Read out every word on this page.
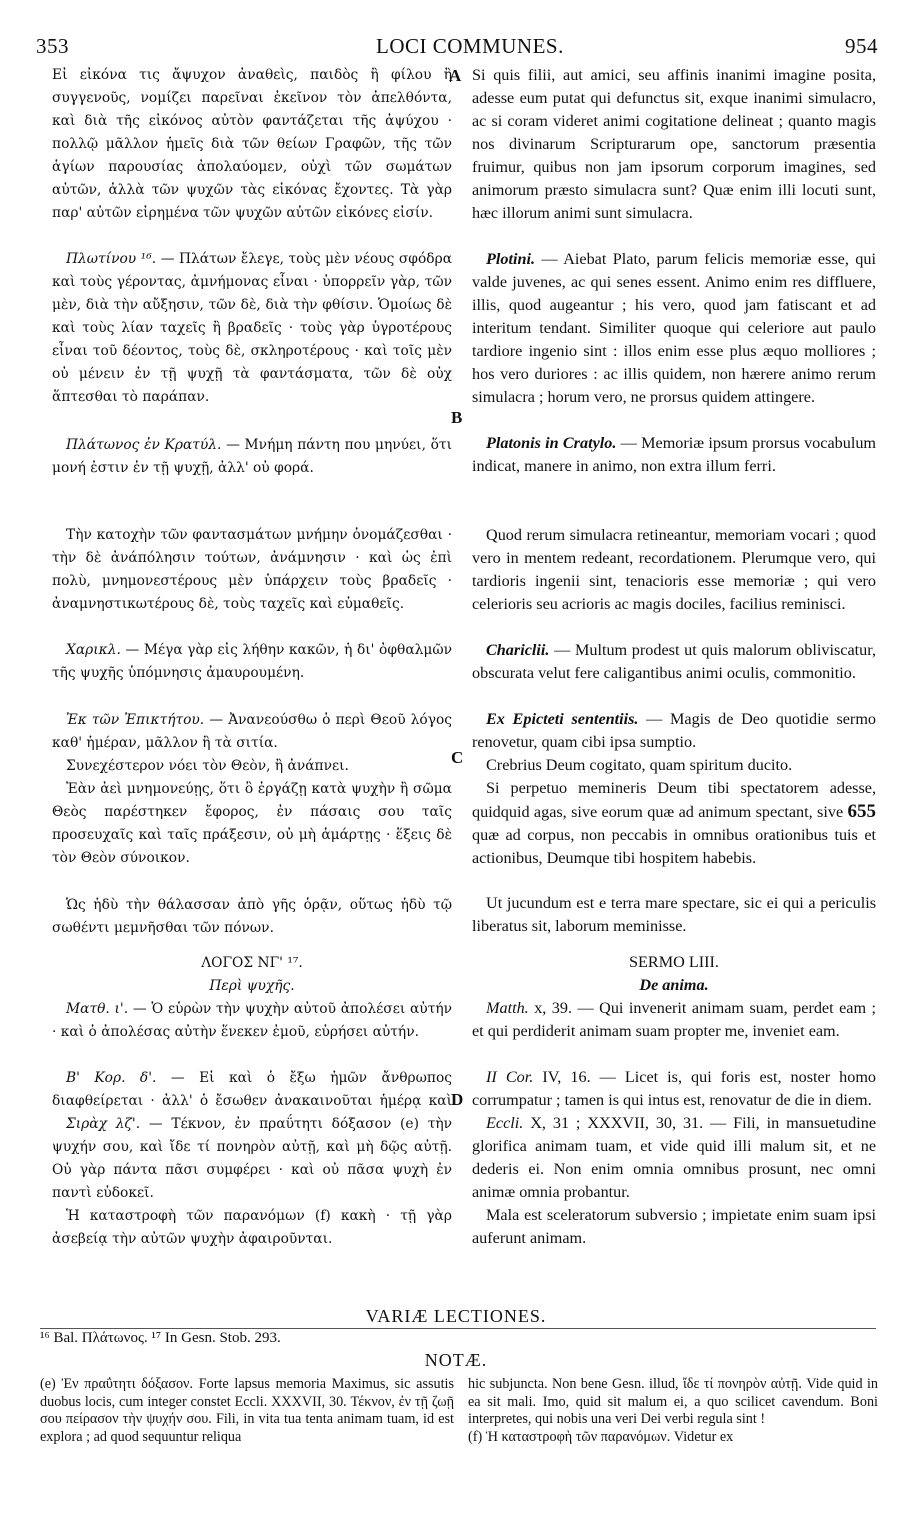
353	LOCI COMMUNES.	954
A
B
C
D
Εἰ εἰκόνα τις ἄψυχον ἀναθεὶς, παιδὸς ἢ φίλου ἢ συγγενοῦς, νομίζει παρεῖναι ἐκεῖνον τὸν ἀπελθόντα, καὶ διὰ τῆς εἰκόνος αὐτὸν φαντάζεται τῆς ἀψύχου · πολλῷ μᾶλλον ἡμεῖς διὰ τῶν θείων Γραφῶν, τῆς τῶν ἁγίων παρουσίας ἀπολαύομεν, οὐχὶ τῶν σωμάτων αὐτῶν, ἀλλὰ τῶν ψυχῶν τὰς εἰκόνας ἔχοντες. Τὰ γὰρ παρ' αὐτῶν εἰρημένα τῶν ψυχῶν αὐτῶν εἰκόνες εἰσίν.
Πλωτίνου ¹⁶. — Πλάτων ἔλεγε, τοὺς μὲν νέους σφόδρα καὶ τοὺς γέροντας, ἀμνήμονας εἶναι · ὑπορρεῖν γὰρ, τῶν μὲν, διὰ τὴν αὔξησιν, τῶν δὲ, διὰ τὴν φθίσιν. Ὁμοίως δὲ καὶ τοὺς λίαν ταχεῖς ἢ βραδεῖς · τοὺς γὰρ ὑγροτέρους εἶναι τοῦ δέοντος, τοὺς δὲ, σκληροτέρους · καὶ τοῖς μὲν οὐ μένειν ἐν τῇ ψυχῇ τὰ φαντάσματα, τῶν δὲ οὐχ ἅπτεσθαι τὸ παράπαν.
Πλάτωνος ἐν Κρατύλ. — Μνήμη πάντη που μηνύει, ὅτι μονή ἐστιν ἐν τῇ ψυχῇ, ἀλλ' οὐ φορά.
Τὴν κατοχὴν τῶν φαντασμάτων μνήμην ὀνομάζεσθαι · τὴν δὲ ἀνάπόλησιν τούτων, ἀνάμνησιν · καὶ ὡς ἐπὶ πολὺ, μνημονεστέρους μὲν ὑπάρχειν τοὺς βραδεῖς · ἀναμνηστικωτέρους δὲ, τοὺς ταχεῖς καὶ εὐμαθεῖς.
Χαρικλ. — Μέγα γὰρ εἰς λήθην κακῶν, ἡ δι' ὀφθαλμῶν τῆς ψυχῆς ὑπόμνησις ἀμαυρουμένη.
Ἐκ τῶν Ἐπικτήτου. — Ἀνανεούσθω ὁ περὶ Θεοῦ λόγος καθ' ἡμέραν, μᾶλλον ἢ τὰ σιτία.
Συνεχέστερον νόει τὸν Θεὸν, ἢ ἀνάπνει.
Ἐὰν ἀεὶ μνημονεύῃς, ὅτι ὃ ἐργάζῃ κατὰ ψυχὴν ἢ σῶμα Θεὸς παρέστηκεν ἔφορος, ἐν πάσαις σου ταῖς προσευχαῖς καὶ ταῖς πράξεσιν, οὐ μὴ ἁμάρτῃς · ἕξεις δὲ τὸν Θεὸν σύνοικον.
Ὡς ἡδὺ τὴν θάλασσαν ἀπὸ γῆς ὁρᾷν, οὕτως ἡδὺ τῷ σωθέντι μεμνῆσθαι τῶν πόνων.
ΛΟΓΟΣ ΝΓ' ¹⁷.
Περὶ ψυχῆς.
Ματθ. ι'. — Ὁ εὑρὼν τὴν ψυχὴν αὐτοῦ ἀπολέσει αὐτήν · καὶ ὁ ἀπολέσας αὐτὴν ἕνεκεν ἐμοῦ, εὑρήσει αὐτήν.
Β' Κορ. δ'. — Εἰ καὶ ὁ ἔξω ἡμῶν ἄνθρωπος διαφθείρεται · ἀλλ' ὁ ἔσωθεν ἀνακαινοῦται ἡμέρᾳ καὶ
Σιρὰχ λζ'. — Τέκνον, ἐν πραΰτητι δόξασον (e) τὴν ψυχήν σου, καὶ ἴδε τί πονηρὸν αὐτῇ, καὶ μὴ δῷς αὐτῇ. Οὐ γὰρ πάντα πᾶσι συμφέρει · καὶ οὐ πᾶσα ψυχὴ ἐν παντὶ εὐδοκεῖ.
Ἡ καταστροφὴ τῶν παρανόμων (f) κακὴ · τῇ γὰρ ἀσεβείᾳ τὴν αὐτῶν ψυχὴν ἀφαιροῦνται.
Si quis filii, aut amici, seu affinis inanimi imagine posita, adesse eum putat qui defunctus sit, exque inanimi simulacro, ac si coram videret animi cogitatione delineat ; quanto magis nos divinarum Scripturarum ope, sanctorum præsentia fruimur, quibus non jam ipsorum corporum imagines, sed animorum præsto simulacra sunt? Quæ enim illi locuti sunt, hæc illorum animi sunt simulacra.
Plotini. — Aiebat Plato, parum felicis memoriæ esse, qui valde juvenes, ac qui senes essent. Animo enim res diffluere, illis, quod augeantur ; his vero, quod jam fatiscant et ad interitum tendant. Similiter quoque qui celeriore aut paulo tardiore ingenio sint : illos enim esse plus æquo molliores ; hos vero duriores : ac illis quidem, non hærere animo rerum simulacra ; horum vero, ne prorsus quidem attingere.
Platonis in Cratylo. — Memoriæ ipsum prorsus vocabulum indicat, manere in animo, non extra illum ferri.
Quod rerum simulacra retineantur, memoriam vocari ; quod vero in mentem redeant, recordationem. Plerumque vero, qui tardioris ingenii sint, tenacioris esse memoriæ ; qui vero celerioris seu acrioris ac magis dociles, facilius reminisci.
Chariclii. — Multum prodest ut quis malorum obliviscatur, obscurata velut fere caligantibus animi oculis, commonitio.
Ex Epicteti sententiis. — Magis de Deo quotidie sermo renovetur, quam cibi ipsa sumptio.
Crebrius Deum cogitato, quam spiritum ducito.
Si perpetuo memineris Deum tibi spectatorem adesse, quidquid agas, sive eorum quæ ad animum spectant, sive 655 quæ ad corpus, non peccabis in omnibus orationibus tuis et actionibus, Deumque tibi hospitem habebis.
Ut jucundum est e terra mare spectare, sic ei qui a periculis liberatus sit, laborum meminisse.
SERMO LIII.
De anima.
Matth. x, 39. — Qui invenerit animam suam, perdet eam ; et qui perdiderit animam suam propter me, inveniet eam.
II Cor. IV, 16. — Licet is, qui foris est, noster homo corrumpatur ; tamen is qui intus est, renovatur de die in diem.
Eccli. X, 31 ; XXXVII, 30, 31. — Fili, in mansuetudine glorifica animam tuam, et vide quid illi malum sit, et ne dederis ei. Non enim omnia omnibus prosunt, nec omni animæ omnia probantur.
Mala est sceleratorum subversio ; impietate enim suam ipsi auferunt animam.
VARIÆ LECTIONES.
¹⁶ Bal. Πλάτωνος. ¹⁷ In Gesn. Stob. 293.
NOTÆ.
(e) Ἐν πραΰτητι δόξασον. Forte lapsus memoria Maximus, sic assutis duobus locis, cum integer constet Eccli. XXXVII, 30. Τέκνον, ἐν τῇ ζωῇ σου πείρασον τὴν ψυχήν σου. Fili, in vita tua tenta animam tuam, id est explora ; ad quod sequuntur reliqua
hic subjuncta. Non bene Gesn. illud, ἴδε τί πονηρὸν αὐτῇ. Vide quid in ea sit mali. Imo, quid sit malum ei, a quo scilicet cavendum. Boni interpretes, qui nobis una veri Dei verbi regula sint !
(f) Ἡ καταστροφὴ τῶν παρανόμων. Videtur ex
